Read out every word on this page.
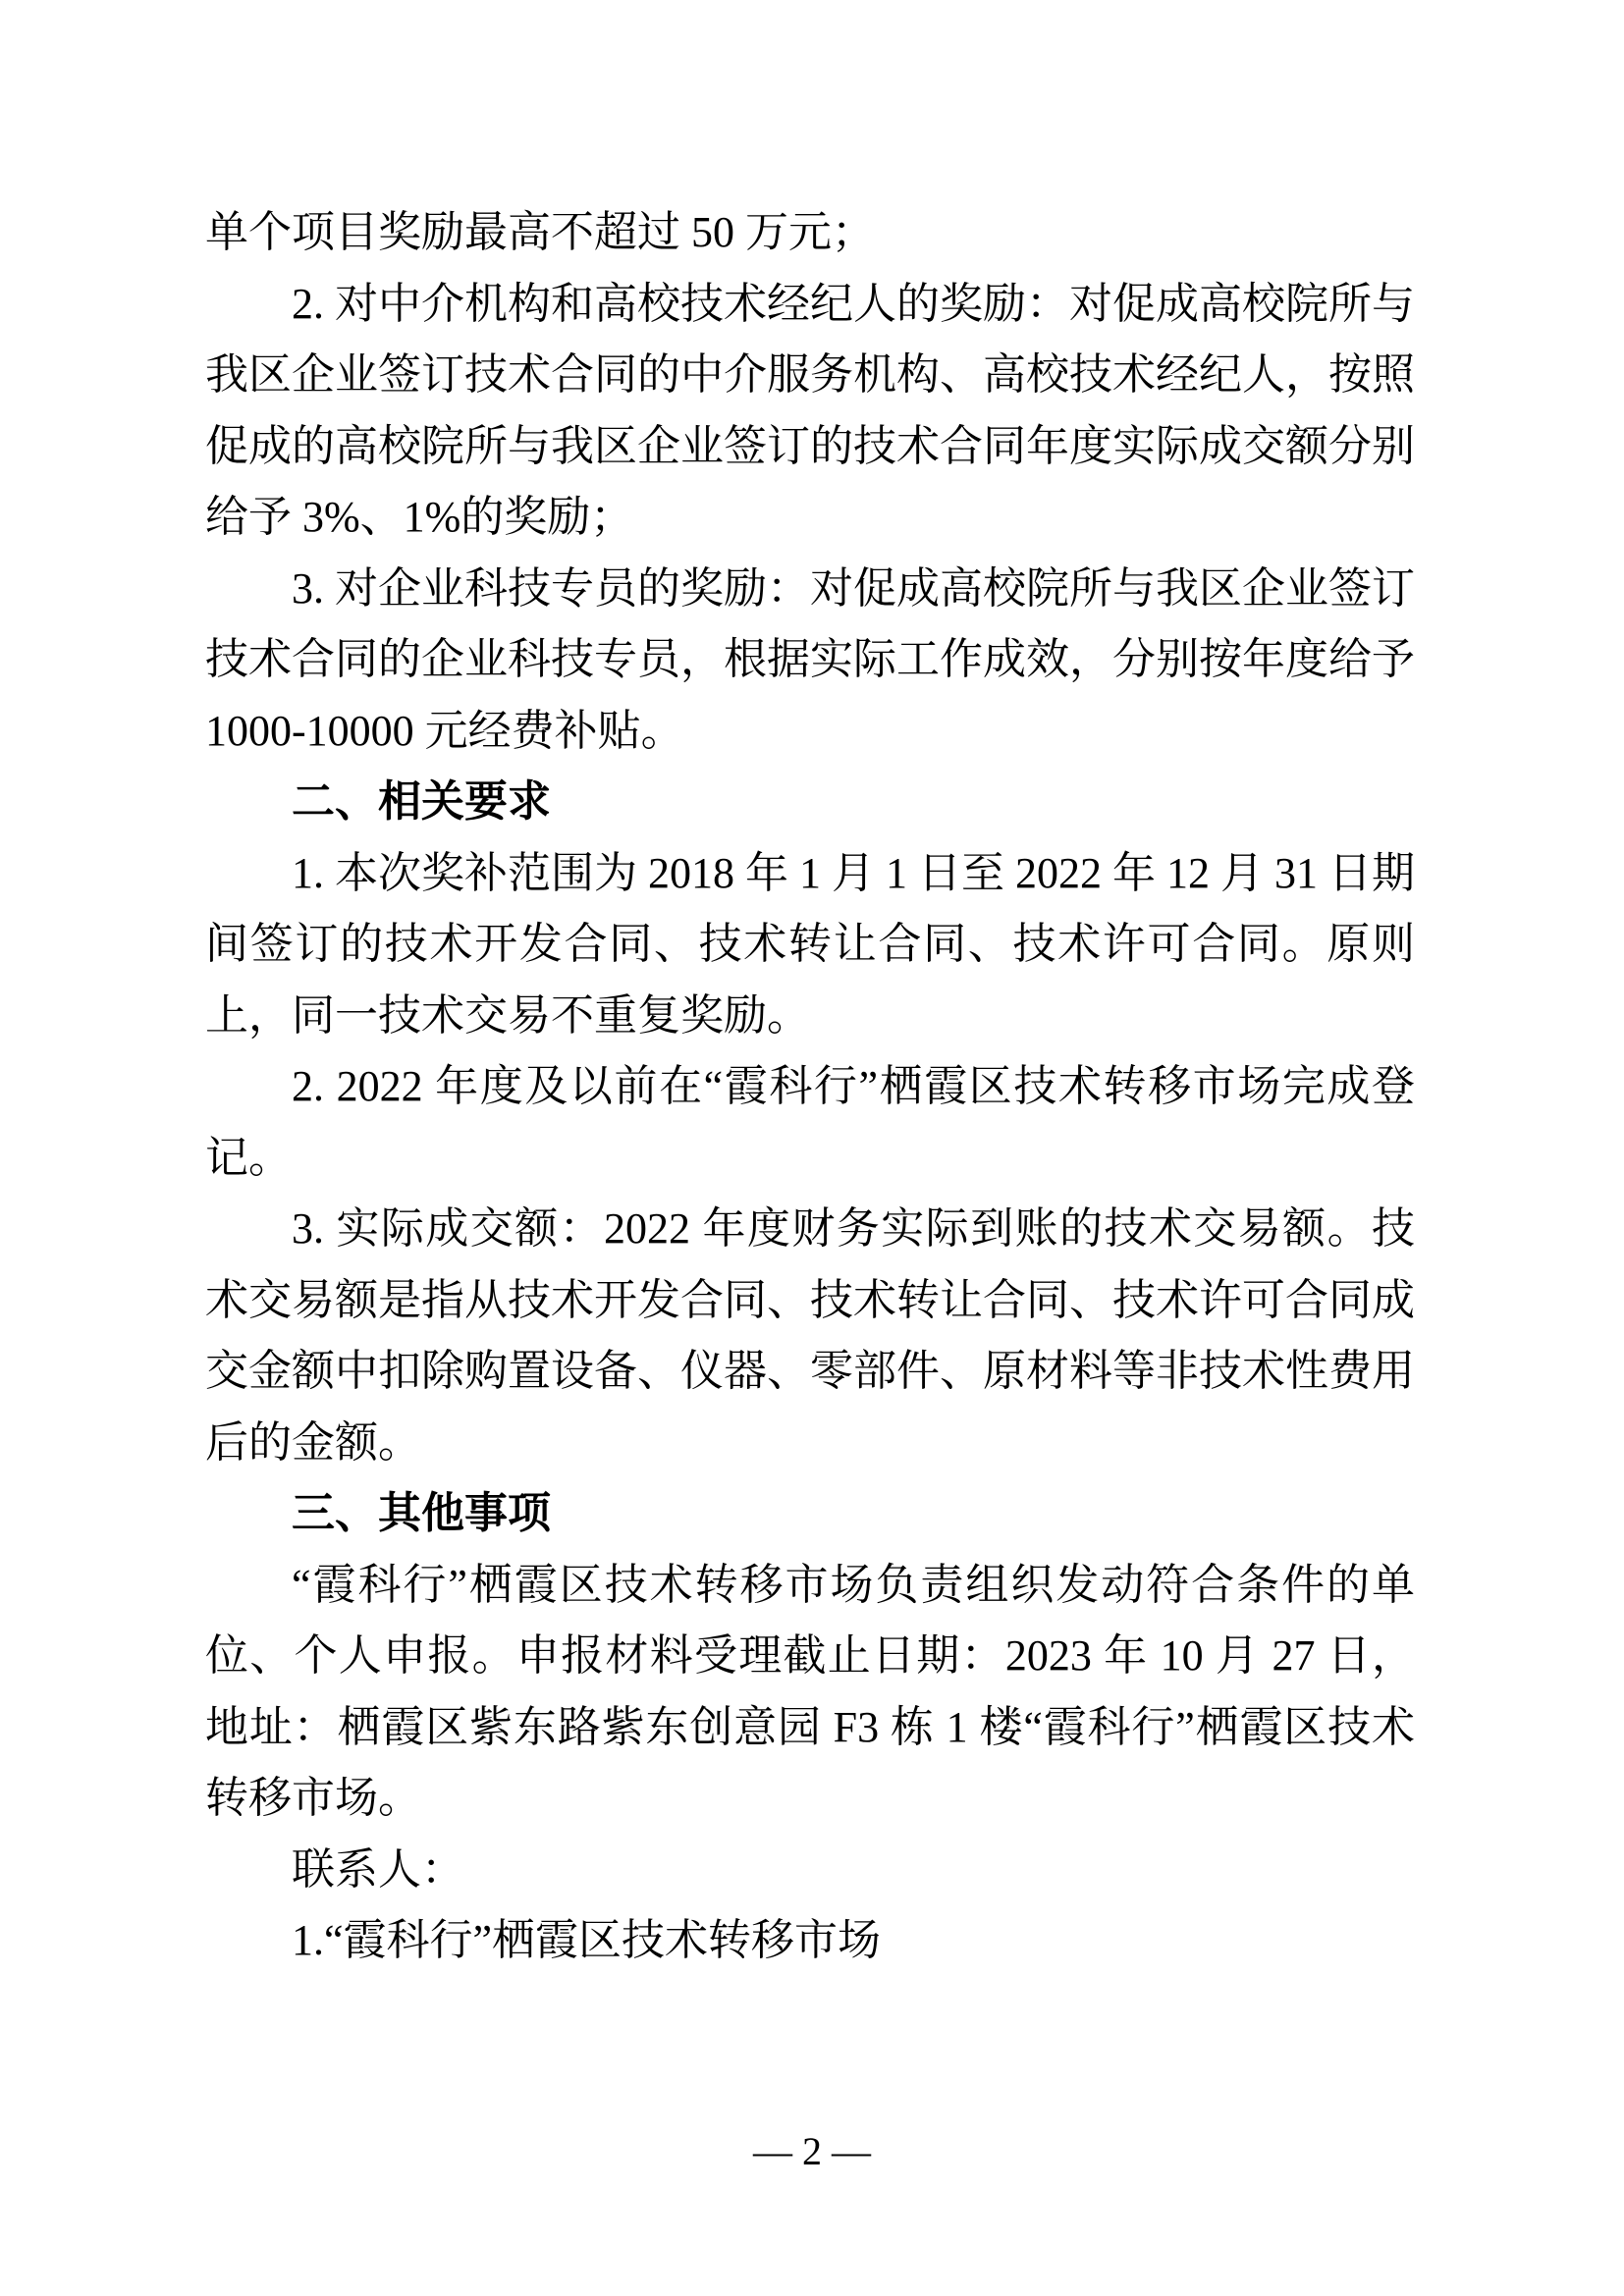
单个项目奖励最高不超过 50 万元；

2. 对中介机构和高校技术经纪人的奖励：对促成高校院所与我区企业签订技术合同的中介服务机构、高校技术经纪人，按照促成的高校院所与我区企业签订的技术合同年度实际成交额分别给予 3%、1%的奖励；

3. 对企业科技专员的奖励：对促成高校院所与我区企业签订技术合同的企业科技专员，根据实际工作成效，分别按年度给予 1000-10000 元经费补贴。

二、相关要求

1. 本次奖补范围为 2018 年 1 月 1 日至 2022 年 12 月 31 日期间签订的技术开发合同、技术转让合同、技术许可合同。原则上，同一技术交易不重复奖励。

2. 2022 年度及以前在“霞科行”栖霞区技术转移市场完成登记。

3. 实际成交额：2022 年度财务实际到账的技术交易额。技术交易额是指从技术开发合同、技术转让合同、技术许可合同成交金额中扣除购置设备、仪器、零部件、原材料等非技术性费用后的金额。

三、其他事项

“霞科行”栖霞区技术转移市场负责组织发动符合条件的单位、个人申报。申报材料受理截止日期：2023 年 10 月 27 日，地址：栖霞区紫东路紫东创意园 F3 栋 1 楼“霞科行”栖霞区技术转移市场。

联系人：

1.“霞科行”栖霞区技术转移市场

— 2 —
